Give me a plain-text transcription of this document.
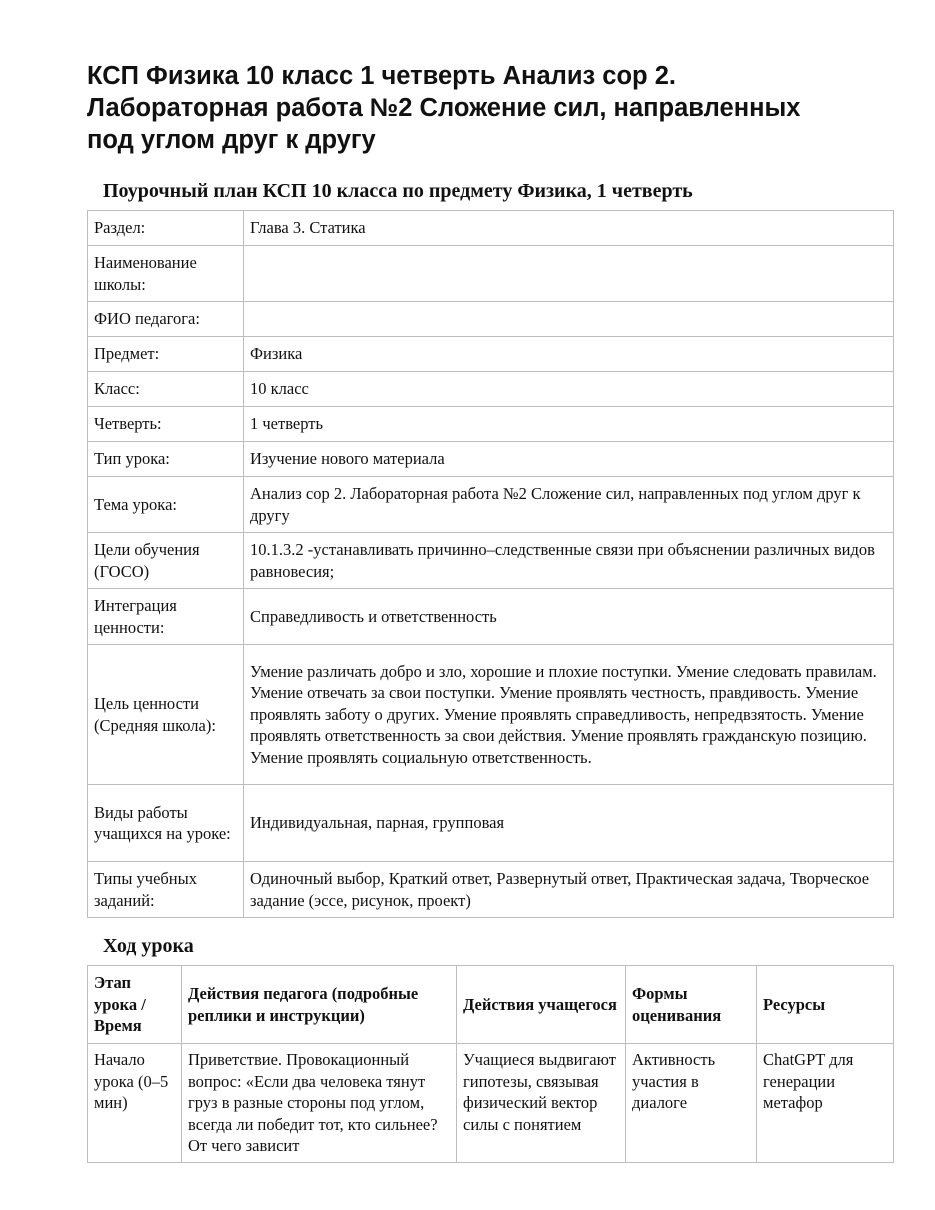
КСП Физика 10 класс 1 четверть Анализ сор 2.
Лабораторная работа №2 Сложение сил, направленных
под углом друг к другу
Поурочный план КСП 10 класса по предмету Физика, 1 четверть
Раздел:	Глава 3. Статика
Наименование школы:	
ФИО педагога:	
Предмет:	Физика
Класс:	10 класс
Четверть:	1 четверть
Тип урока:	Изучение нового материала
Тема урока:	Анализ сор 2. Лабораторная работа №2 Сложение сил, направленных под углом друг к другу
Цели обучения (ГОСО)	10.1.3.2 -устанавливать причинно–следственные связи при объяснении различных видов равновесия;
Интеграция ценности:	Справедливость и ответственность
Цель ценности (Средняя школа):	Умение различать добро и зло, хорошие и плохие поступки. Умение следовать правилам. Умение отвечать за свои поступки. Умение проявлять честность, правдивость. Умение проявлять заботу о других. Умение проявлять справедливость, непредвзятость. Умение проявлять ответственность за свои действия. Умение проявлять гражданскую позицию. Умение проявлять социальную ответственность.
Виды работы учащихся на уроке:	Индивидуальная, парная, групповая
Типы учебных заданий:	Одиночный выбор, Краткий ответ, Развернутый ответ, Практическая задача, Творческое задание (эссе, рисунок, проект)
Ход урока
Этап урока / Время	Действия педагога (подробные реплики и инструкции)	Действия учащегося	Формы оценивания	Ресурсы

Начало урока (0–5 мин)	Приветствие. Провокационный вопрос: «Если два человека тянут груз в разные стороны под углом, всегда ли победит тот, кто сильнее? От чего зависит	Учащиеся выдвигают гипотезы, связывая физический вектор силы с понятием	Активность участия в диалоге	ChatGPT для генерации метафор
